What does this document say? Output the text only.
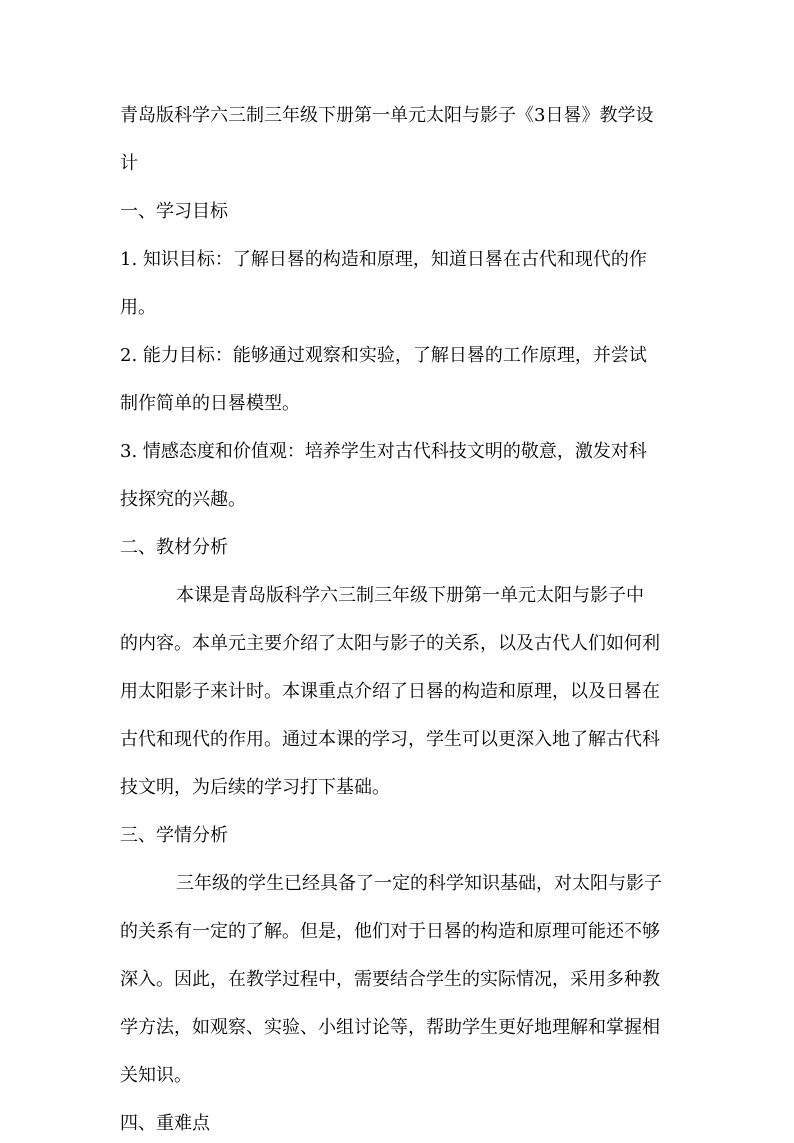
青岛版科学六三制三年级下册第一单元太阳与影子《3日晷》教学设
计
一、学习目标
1. 知识目标：了解日晷的构造和原理，知道日晷在古代和现代的作
用。
2. 能力目标：能够通过观察和实验，了解日晷的工作原理，并尝试
制作简单的日晷模型。
3. 情感态度和价值观：培养学生对古代科技文明的敬意，激发对科
技探究的兴趣。
二、教材分析
本课是青岛版科学六三制三年级下册第一单元太阳与影子中
的内容。本单元主要介绍了太阳与影子的关系，以及古代人们如何利
用太阳影子来计时。本课重点介绍了日晷的构造和原理，以及日晷在
古代和现代的作用。通过本课的学习，学生可以更深入地了解古代科
技文明，为后续的学习打下基础。
三、学情分析
三年级的学生已经具备了一定的科学知识基础，对太阳与影子
的关系有一定的了解。但是，他们对于日晷的构造和原理可能还不够
深入。因此，在教学过程中，需要结合学生的实际情况，采用多种教
学方法，如观察、实验、小组讨论等，帮助学生更好地理解和掌握相
关知识。
四、重难点
